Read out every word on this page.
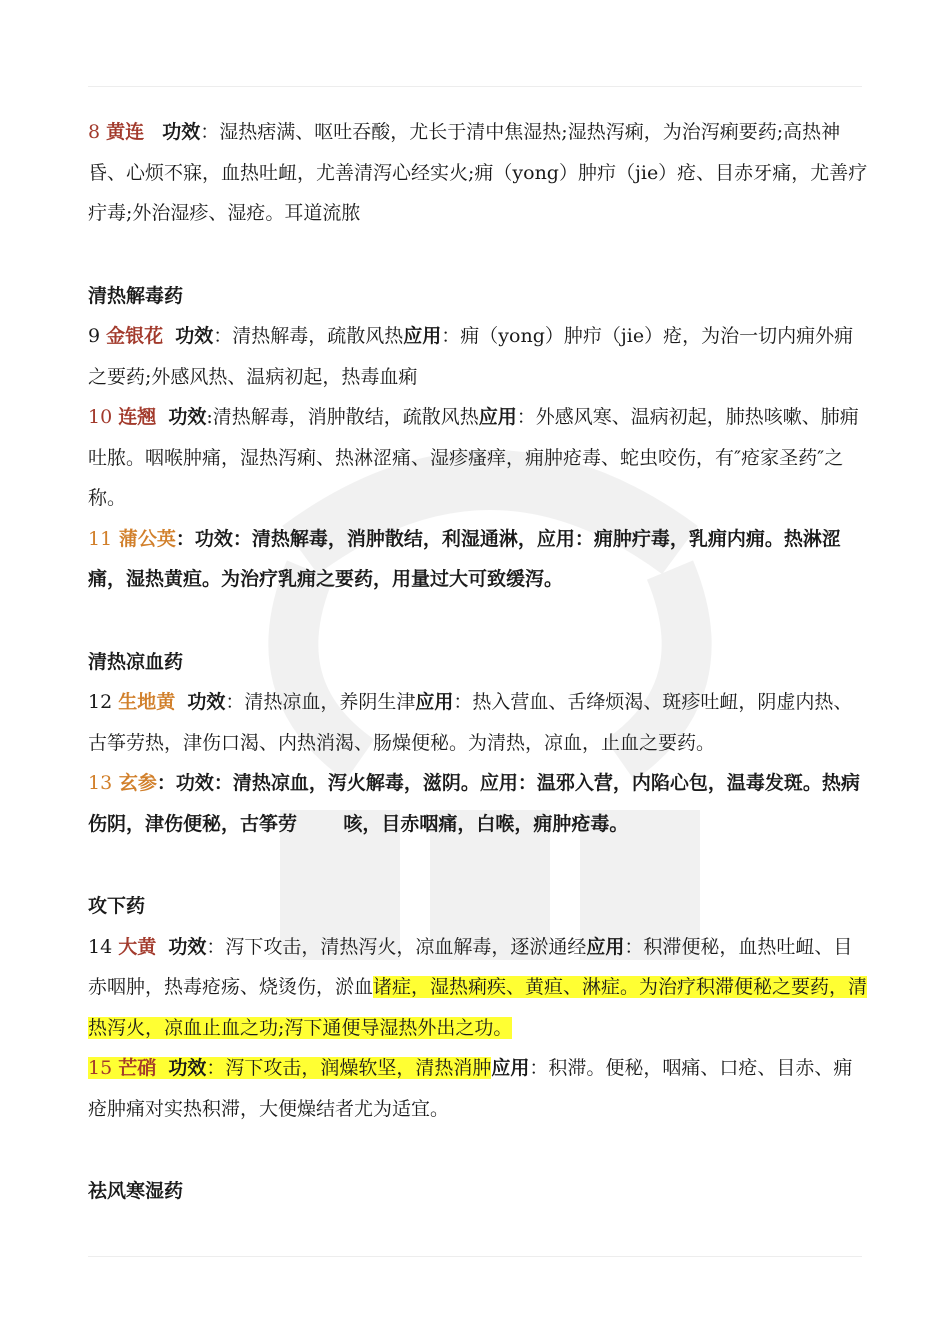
8 黄连 功效：湿热痞满、呕吐吞酸，尤长于清中焦湿热;湿热泻痢，为治泻痢要药;高热神昏、心烦不寐，血热吐衄，尤善清泻心经实火;痈（yong）肿疖（jie）疮、目赤牙痛，尤善疗疔毒;外治湿疹、湿疮。耳道流脓

清热解毒药

9 金银花 功效：清热解毒，疏散风热应用：痈（yong）肿疖（jie）疮，为治一切内痈外痈之要药;外感风热、温病初起，热毒血痢

10 连翘 功效:清热解毒，消肿散结，疏散风热应用：外感风寒、温病初起，肺热咳嗽、肺痈吐脓。咽喉肿痛，湿热泻痢、热淋涩痛、湿疹瘙痒，痈肿疮毒、蛇虫咬伤，有″疮家圣药″之称。

11 蒲公英：功效：清热解毒，消肿散结，利湿通淋，应用：痈肿疔毒，乳痈内痈。热淋涩痛，湿热黄疸。为治疗乳痈之要药，用量过大可致缓泻。

清热凉血药

12 生地黄 功效：清热凉血，养阴生津应用：热入营血、舌绛烦渴、斑疹吐衄，阴虚内热、古筝劳热，津伤口渴、内热消渴、肠燥便秘。为清热，凉血，止血之要药。

13 玄参：功效：清热凉血，泻火解毒，滋阴。应用：温邪入营，内陷心包，温毒发斑。热病伤阴，津伤便秘，古筝劳 咳，目赤咽痛，白喉，痈肿疮毒。

攻下药

14 大黄 功效：泻下攻击，清热泻火，凉血解毒，逐淤通经应用：积滞便秘，血热吐衄、目赤咽肿，热毒疮疡、烧烫伤，淤血诸症，湿热痢疾、黄疸、淋症。为治疗积滞便秘之要药，清热泻火，凉血止血之功;泻下通便导湿热外出之功。

15 芒硝 功效：泻下攻击，润燥软坚，清热消肿应用：积滞。便秘，咽痛、口疮、目赤、痈疮肿痛对实热积滞，大便燥结者尤为适宜。

祛风寒湿药
